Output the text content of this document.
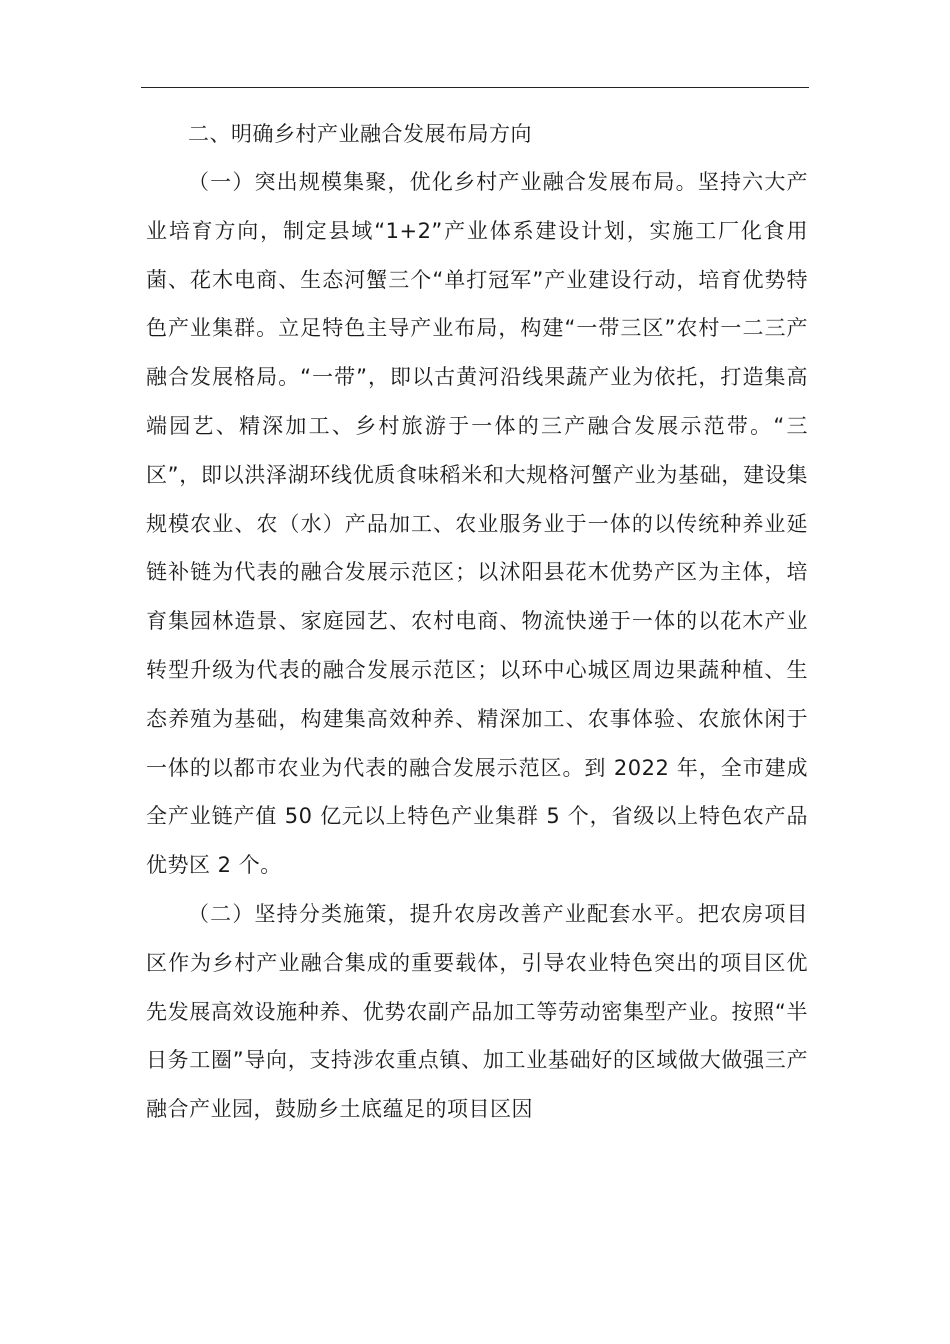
二、明确乡村产业融合发展布局方向

（一）突出规模集聚，优化乡村产业融合发展布局。坚持六大产业培育方向，制定县域“1+2”产业体系建设计划，实施工厂化食用菌、花木电商、生态河蟹三个“单打冠军”产业建设行动，培育优势特色产业集群。立足特色主导产业布局，构建“一带三区”农村一二三产融合发展格局。“一带”，即以古黄河沿线果蔬产业为依托，打造集高端园艺、精深加工、乡村旅游于一体的三产融合发展示范带。“三区”，即以洪泽湖环线优质食味稻米和大规格河蟹产业为基础，建设集规模农业、农（水）产品加工、农业服务业于一体的以传统种养业延链补链为代表的融合发展示范区；以沭阳县花木优势产区为主体，培育集园林造景、家庭园艺、农村电商、物流快递于一体的以花木产业转型升级为代表的融合发展示范区；以环中心城区周边果蔬种植、生态养殖为基础，构建集高效种养、精深加工、农事体验、农旅休闲于一体的以都市农业为代表的融合发展示范区。到 2022 年，全市建成全产业链产值 50 亿元以上特色产业集群 5 个，省级以上特色农产品优势区 2 个。

（二）坚持分类施策，提升农房改善产业配套水平。把农房项目区作为乡村产业融合集成的重要载体，引导农业特色突出的项目区优先发展高效设施种养、优势农副产品加工等劳动密集型产业。按照“半日务工圈”导向，支持涉农重点镇、加工业基础好的区域做大做强三产融合产业园，鼓励乡土底蕴足的项目区因
